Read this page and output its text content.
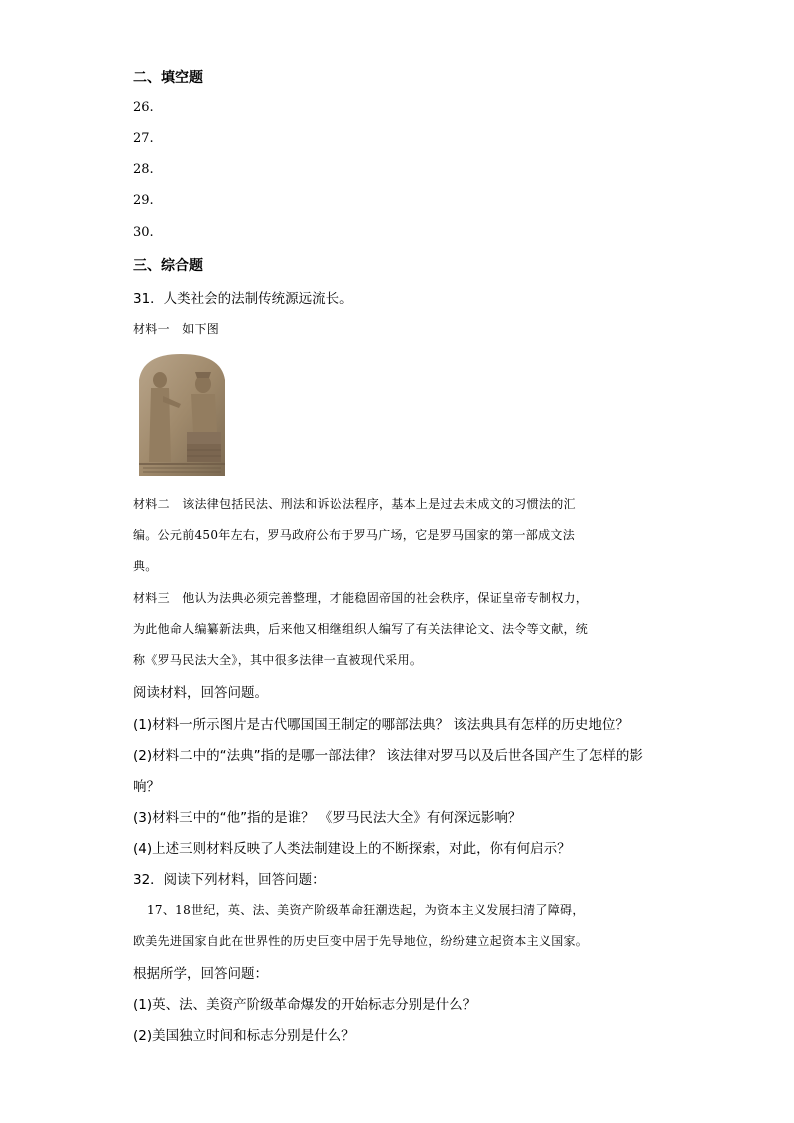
二、填空题
26.
27.
28.
29.
30.
三、综合题
31．人类社会的法制传统源远流长。
材料一　如下图
材料二　该法律包括民法、刑法和诉讼法程序，基本上是过去未成文的习惯法的汇
编。公元前450年左右，罗马政府公布于罗马广场，它是罗马国家的第一部成文法
典。
材料三　他认为法典必须完善整理，才能稳固帝国的社会秩序，保证皇帝专制权力，
为此他命人编纂新法典，后来他又相继组织人编写了有关法律论文、法令等文献，统
称《罗马民法大全》，其中很多法律一直被现代采用。
阅读材料，回答问题。
(1)材料一所示图片是古代哪国国王制定的哪部法典？ 该法典具有怎样的历史地位？
(2)材料二中的“法典”指的是哪一部法律？ 该法律对罗马以及后世各国产生了怎样的影
响？
(3)材料三中的“他”指的是谁？ 《罗马民法大全》有何深远影响？
(4)上述三则材料反映了人类法制建设上的不断探索，对此，你有何启示？
32．阅读下列材料，回答问题：
17、18世纪，英、法、美资产阶级革命狂潮迭起，为资本主义发展扫清了障碍，
欧美先进国家自此在世界性的历史巨变中居于先导地位，纷纷建立起资本主义国家。
根据所学，回答问题：
(1)英、法、美资产阶级革命爆发的开始标志分别是什么？
(2)美国独立时间和标志分别是什么？
